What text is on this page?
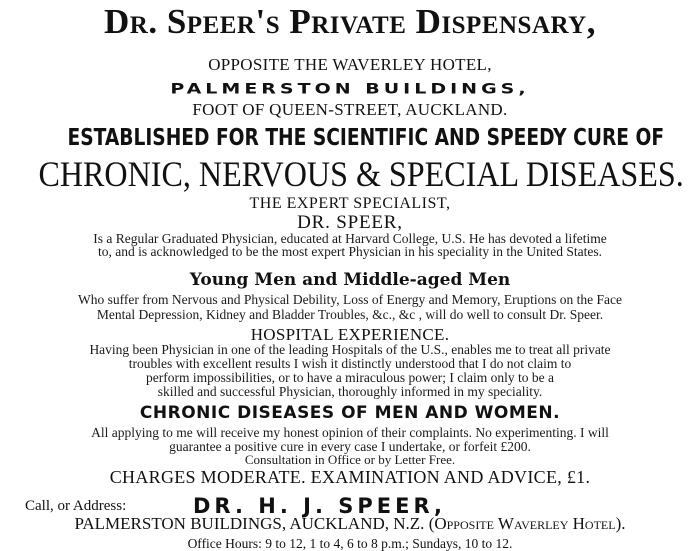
Dr. Speer's Private Dispensary,
OPPOSITE THE WAVERLEY HOTEL,
PALMERSTON BUILDINGS,
FOOT OF QUEEN-STREET, AUCKLAND.
ESTABLISHED FOR THE SCIENTIFIC AND SPEEDY CURE OF
CHRONIC, NERVOUS & SPECIAL DISEASES.
THE EXPERT SPECIALIST,
DR. SPEER,
Is a Regular Graduated Physician, educated at Harvard College, U.S. He has devoted a lifetime
to, and is acknowledged to be the most expert Physician in his speciality in the United States.
Young Men and Middle-aged Men
Who suffer from Nervous and Physical Debility, Loss of Energy and Memory, Eruptions on the Face
Mental Depression, Kidney and Bladder Troubles, &c., &c , will do well to consult Dr. Speer.
HOSPITAL EXPERIENCE.
Having been Physician in one of the leading Hospitals of the U.S., enables me to treat all private
troubles with excellent results I wish it distinctly understood that I do not claim to
perform impossibilities, or to have a miraculous power; I claim only to be a
skilled and successful Physician, thoroughly informed in my speciality.
CHRONIC DISEASES OF MEN AND WOMEN.
All applying to me will receive my honest opinion of their complaints. No experimenting. I will
guarantee a positive cure in every case I undertake, or forfeit £200.
Consultation in Office or by Letter Free.
CHARGES MODERATE. EXAMINATION AND ADVICE, £1.
Call, or Address:	DR. H. J. SPEER,
PALMERSTON BUILDINGS, AUCKLAND, N.Z. (Opposite Waverley Hotel).
Office Hours: 9 to 12, 1 to 4, 6 to 8 p.m.; Sundays, 10 to 12.
